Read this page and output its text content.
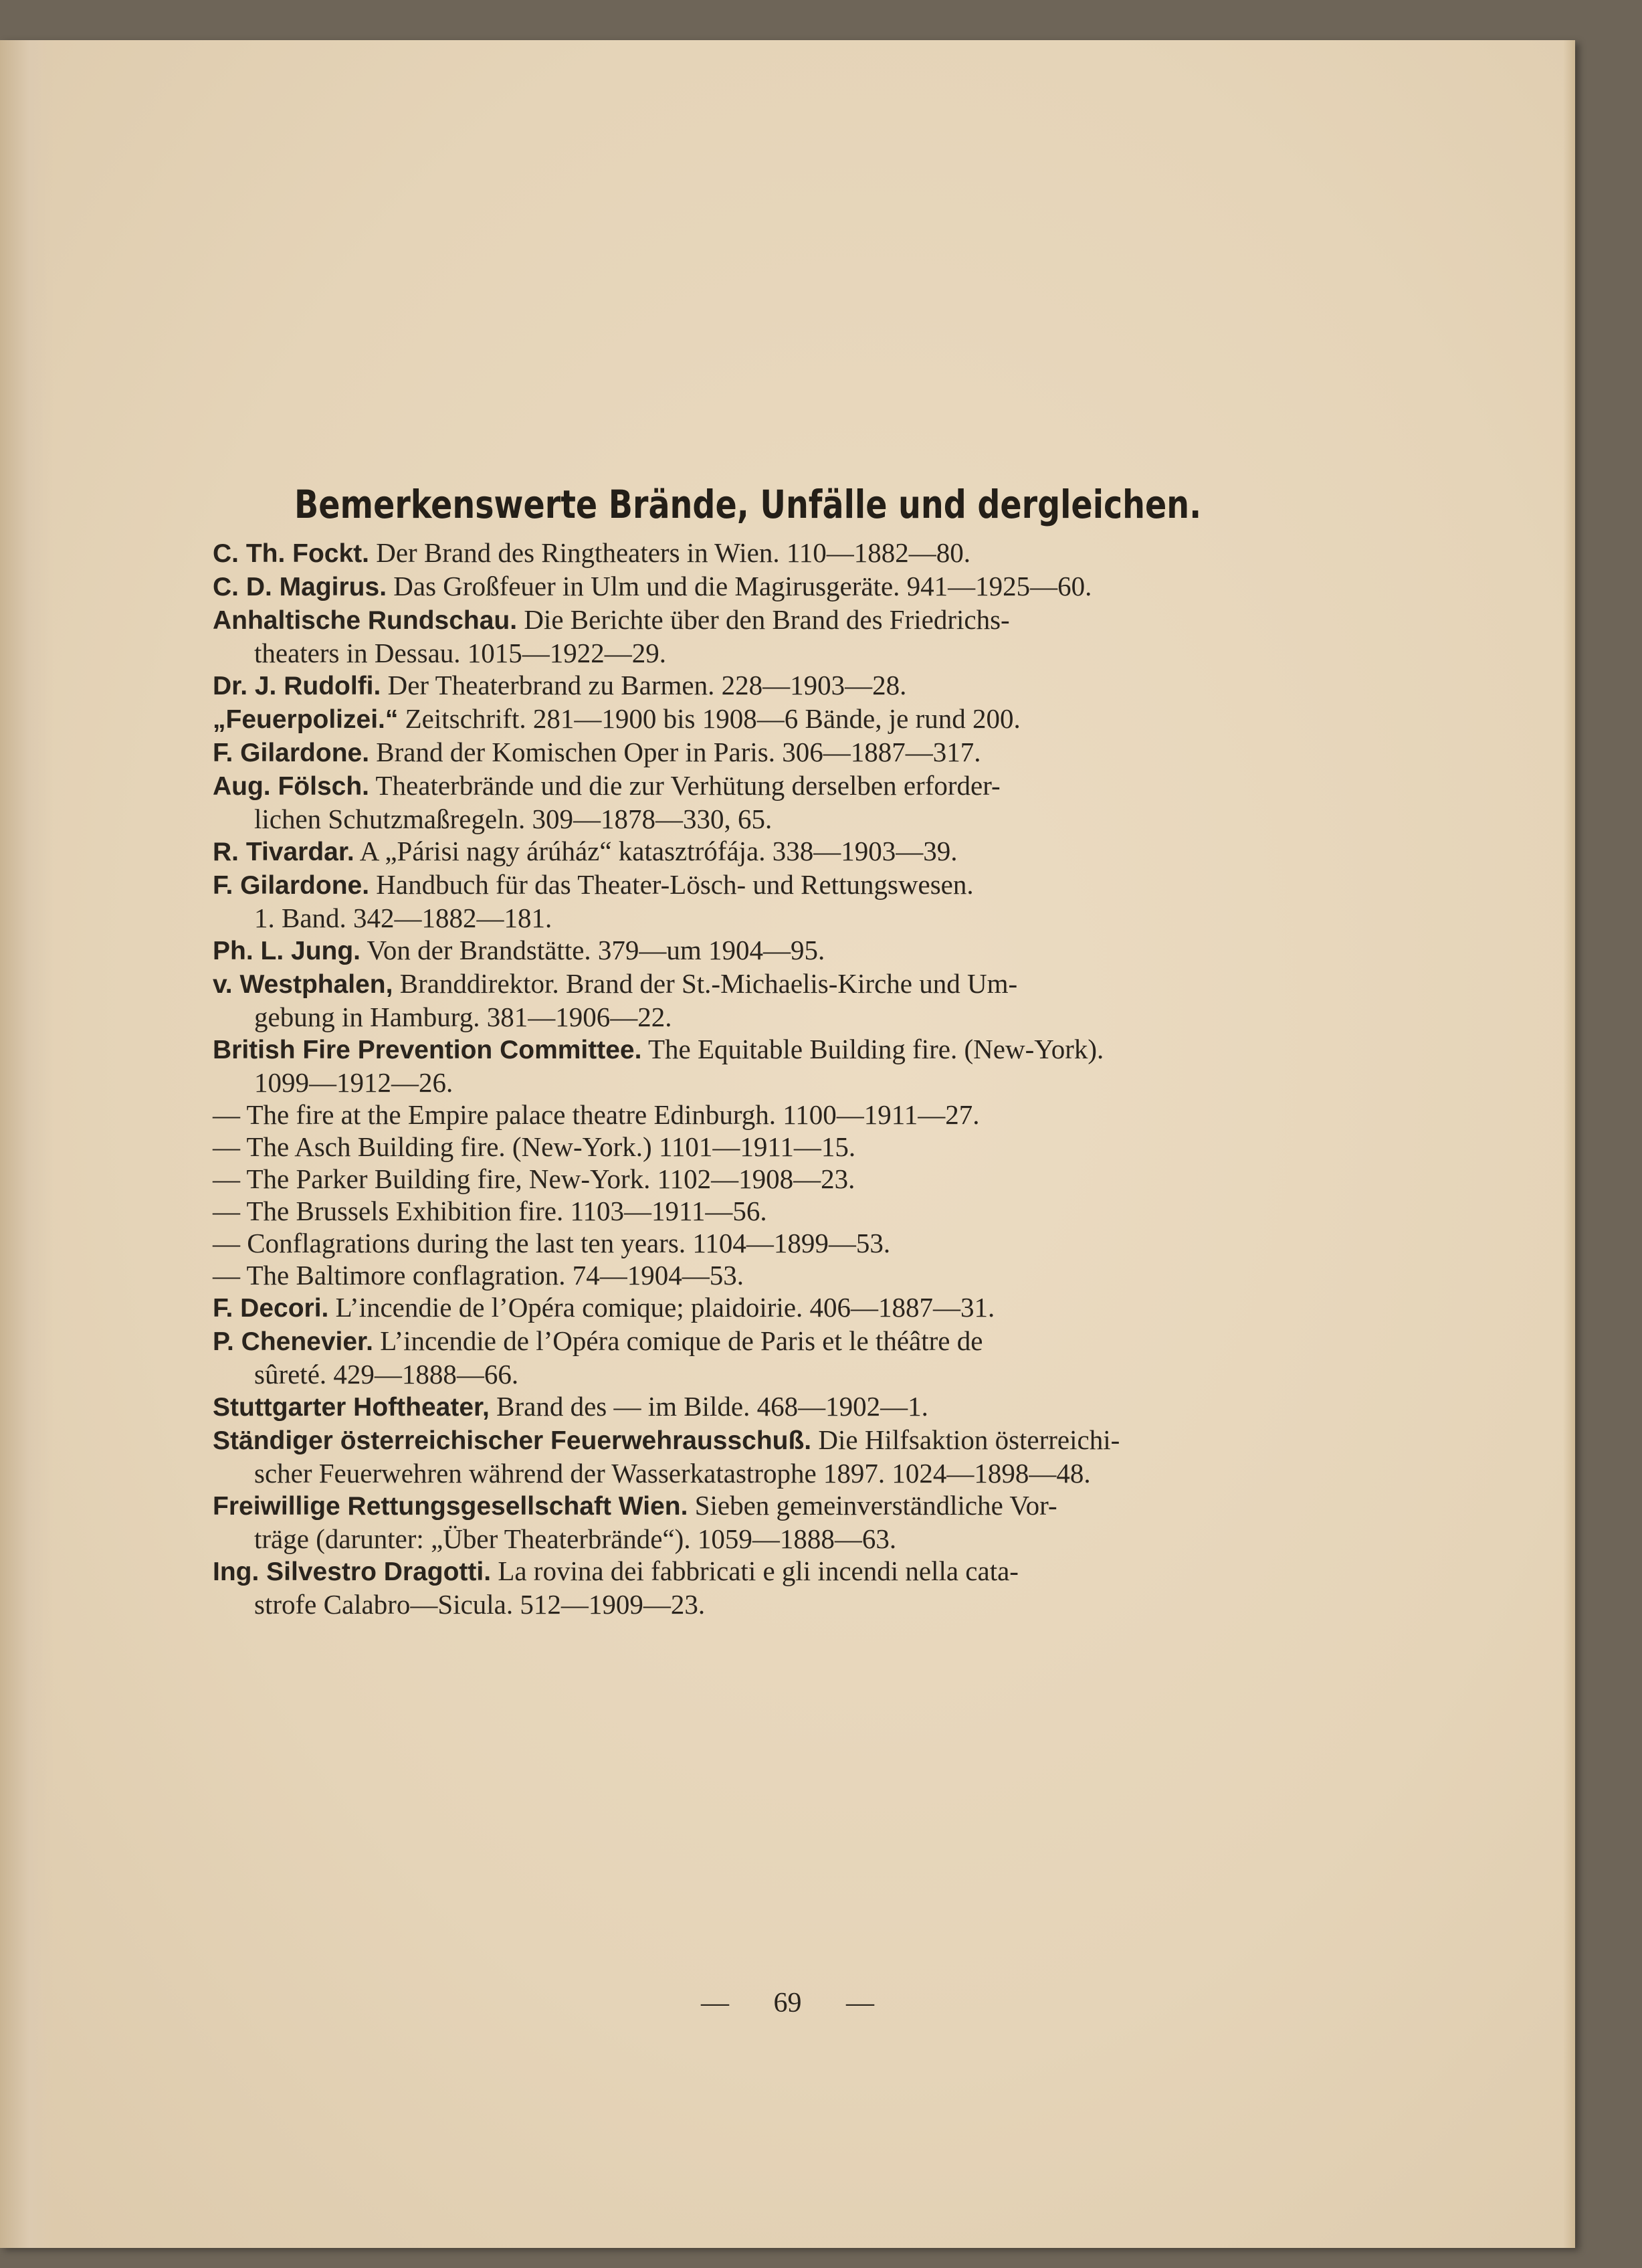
Bemerkenswerte Brände, Unfälle und dergleichen.
C. Th. Fockt. Der Brand des Ringtheaters in Wien. 110—1882—80.
C. D. Magirus. Das Großfeuer in Ulm und die Magirusgeräte. 941—1925—60.
Anhaltische Rundschau. Die Berichte über den Brand des Friedrichs-
theaters in Dessau. 1015—1922—29.
Dr. J. Rudolfi. Der Theaterbrand zu Barmen. 228—1903—28.
„Feuerpolizei.“ Zeitschrift. 281—1900 bis 1908—6 Bände, je rund 200.
F. Gilardone. Brand der Komischen Oper in Paris. 306—1887—317.
Aug. Fölsch. Theaterbrände und die zur Verhütung derselben erforder-
lichen Schutzmaßregeln. 309—1878—330, 65.
R. Tivardar. A „Párisi nagy árúház“ katasztrófája. 338—1903—39.
F. Gilardone. Handbuch für das Theater-Lösch- und Rettungswesen.
1. Band. 342—1882—181.
Ph. L. Jung. Von der Brandstätte. 379—um 1904—95.
v. Westphalen, Branddirektor. Brand der St.-Michaelis-Kirche und Um-
gebung in Hamburg. 381—1906—22.
British Fire Prevention Committee. The Equitable Building fire. (New-York).
1099—1912—26.
— The fire at the Empire palace theatre Edinburgh. 1100—1911—27.
— The Asch Building fire. (New-York.) 1101—1911—15.
— The Parker Building fire, New-York. 1102—1908—23.
— The Brussels Exhibition fire. 1103—1911—56.
— Conflagrations during the last ten years. 1104—1899—53.
— The Baltimore conflagration. 74—1904—53.
F. Decori. L’incendie de l’Opéra comique; plaidoirie. 406—1887—31.
P. Chenevier. L’incendie de l’Opéra comique de Paris et le théâtre de
sûreté. 429—1888—66.
Stuttgarter Hoftheater, Brand des — im Bilde. 468—1902—1.
Ständiger österreichischer Feuerwehrausschuß. Die Hilfsaktion österreichi-
scher Feuerwehren während der Wasserkatastrophe 1897. 1024—1898—48.
Freiwillige Rettungsgesellschaft Wien. Sieben gemeinverständliche Vor-
träge (darunter: „Über Theaterbrände“). 1059—1888—63.
Ing. Silvestro Dragotti. La rovina dei fabbricati e gli incendi nella cata-
strofe Calabro—Sicula. 512—1909—23.
— 69 —
